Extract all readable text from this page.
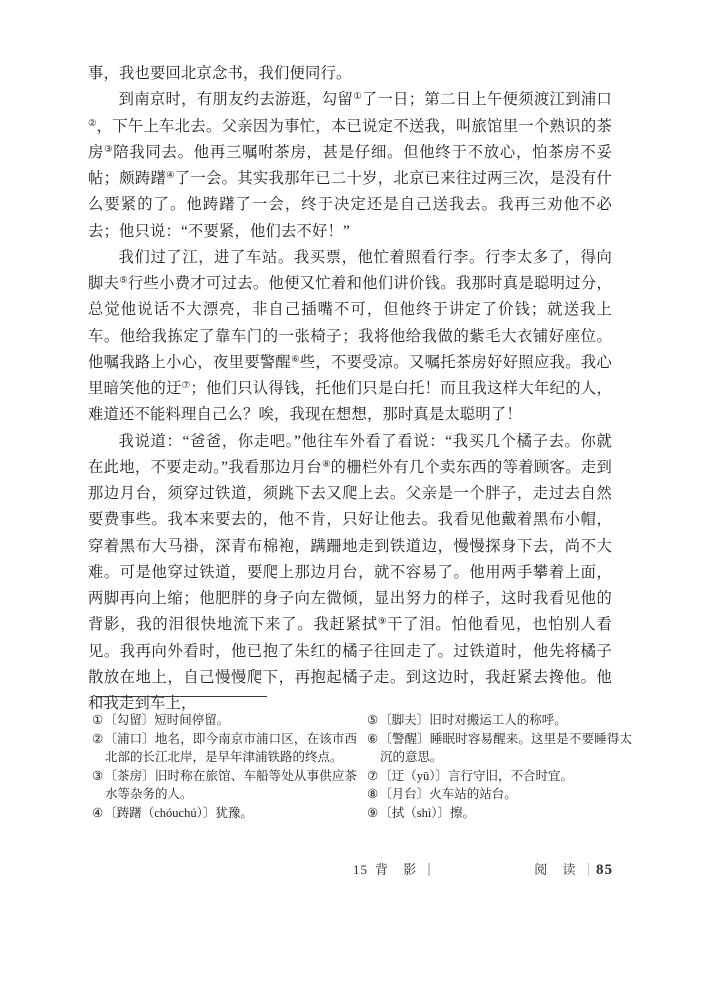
事，我也要回北京念书，我们便同行。

到南京时，有朋友约去游逛，勾留①了一日；第二日上午便须渡江到浦口②，下午上车北去。父亲因为事忙，本已说定不送我，叫旅馆里一个熟识的茶房③陪我同去。他再三嘱咐茶房，甚是仔细。但他终于不放心，怕茶房不妥帖；颇踌躇④了一会。其实我那年已二十岁，北京已来往过两三次，是没有什么要紧的了。他踌躇了一会，终于决定还是自己送我去。我再三劝他不必去；他只说：“不要紧，他们去不好！”

我们过了江，进了车站。我买票，他忙着照看行李。行李太多了，得向脚夫⑤行些小费才可过去。他便又忙着和他们讲价钱。我那时真是聪明过分，总觉他说话不大漂亮，非自己插嘴不可，但他终于讲定了价钱；就送我上车。他给我拣定了靠车门的一张椅子；我将他给我做的紫毛大衣铺好座位。他嘱我路上小心，夜里要警醒⑥些，不要受凉。又嘱托茶房好好照应我。我心里暗笑他的迂⑦；他们只认得钱，托他们只是白托！而且我这样大年纪的人，难道还不能料理自己么？唉，我现在想想，那时真是太聪明了！

我说道：“爸爸，你走吧。”他往车外看了看说：“我买几个橘子去。你就在此地，不要走动。”我看那边月台⑧的栅栏外有几个卖东西的等着顾客。走到那边月台，须穿过铁道，须跳下去又爬上去。父亲是一个胖子，走过去自然要费事些。我本来要去的，他不肯，只好让他去。我看见他戴着黑布小帽，穿着黑布大马褂，深青布棉袍，蹒跚地走到铁道边，慢慢探身下去，尚不大难。可是他穿过铁道，要爬上那边月台，就不容易了。他用两手攀着上面，两脚再向上缩；他肥胖的身子向左微倾，显出努力的样子，这时我看见他的背影，我的泪很快地流下来了。我赶紧拭⑨干了泪。怕他看见，也怕别人看见。我再向外看时，他已抱了朱红的橘子往回走了。过铁道时，他先将橘子散放在地上，自己慢慢爬下，再抱起橘子走。到这边时，我赶紧去搀他。他和我走到车上，

①〔勾留〕短时间停留。

②〔浦口〕地名，即今南京市浦口区，在该市西北部的长江北岸，是早年津浦铁路的终点。

③〔茶房〕旧时称在旅馆、车船等处从事供应茶水等杂务的人。

④〔踌躇（chóuchú）〕犹豫。

⑤〔脚夫〕旧时对搬运工人的称呼。

⑥〔警醒〕睡眠时容易醒来。这里是不要睡得太沉的意思。

⑦〔迂（yū）〕言行守旧，不合时宜。

⑧〔月台〕火车站的站台。

⑨〔拭（shì）〕擦。

15 背 影	阅 读 85
